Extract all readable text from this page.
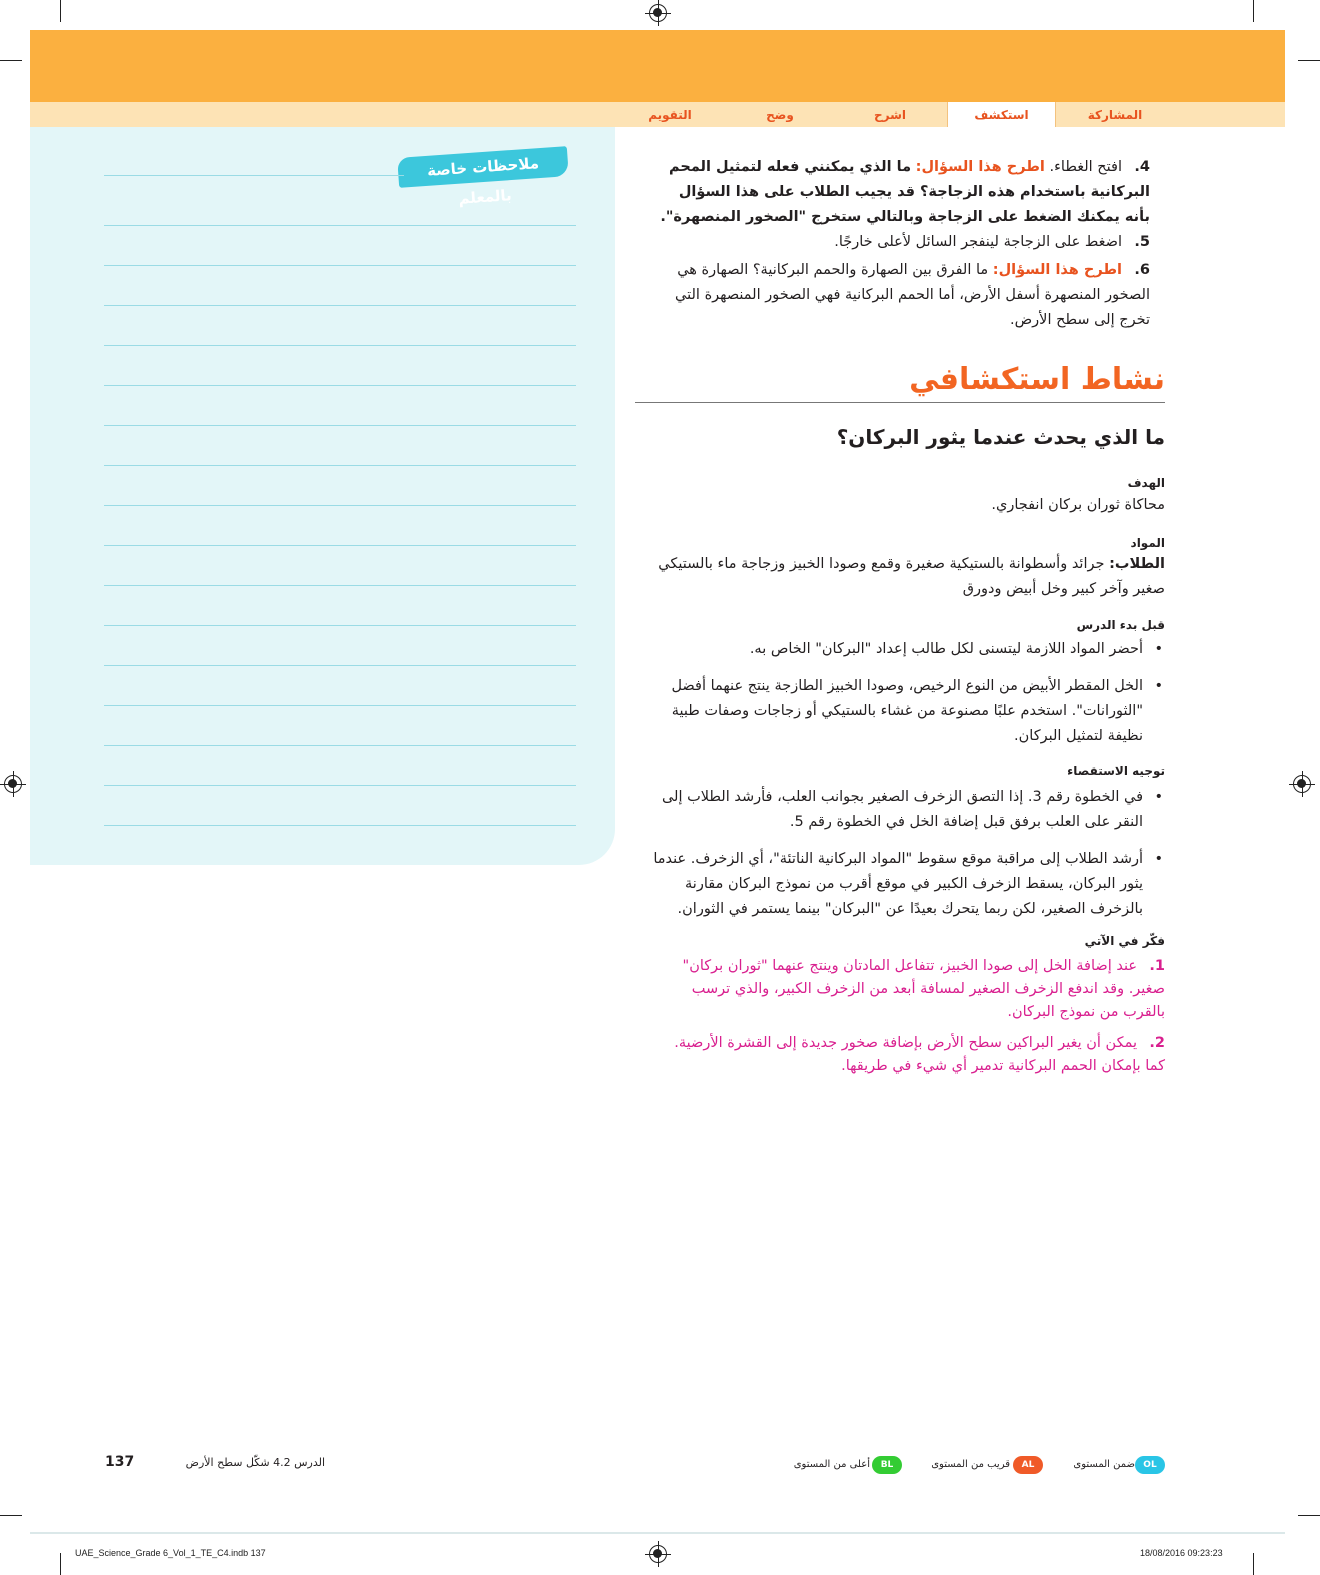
المشاركة
استكشف
اشرح
وضح
التقويم
ملاحظات خاصة بالمعلم
4.افتح الغطاء. اطرح هذا السؤال: ما الذي يمكنني فعله لتمثيل المحم البركانية باستخدام هذه الزجاجة؟ قد يجيب الطلاب على هذا السؤال بأنه يمكنك الضغط على الزجاجة وبالتالي ستخرج "الصخور المنصهرة".
5.اضغط على الزجاجة لينفجر السائل لأعلى خارجًا.
6.اطرح هذا السؤال: ما الفرق بين الصهارة والحمم البركانية؟ الصهارة هي الصخور المنصهرة أسفل الأرض، أما الحمم البركانية فهي الصخور المنصهرة التي تخرج إلى سطح الأرض.
نشاط استكشافي
ما الذي يحدث عندما يثور البركان؟
الهدف
محاكاة ثوران بركان انفجاري.
المواد
الطلاب: جرائد وأسطوانة بالستيكية صغيرة وقمع وصودا الخبيز وزجاجة ماء بالستيكي صغير وآخر كبير وخل أبيض ودورق
قبل بدء الدرس
• أحضر المواد اللازمة ليتسنى لكل طالب إعداد "البركان" الخاص به.
• الخل المقطر الأبيض من النوع الرخيص، وصودا الخبيز الطازجة ينتج عنهما أفضل "الثورانات". استخدم علبًا مصنوعة من غشاء بالستيكي أو زجاجات وصفات طبية نظيفة لتمثيل البركان.
توجيه الاستقصاء
• في الخطوة رقم 3. إذا التصق الزخرف الصغير بجوانب العلب، فأرشد الطلاب إلى النقر على العلب برفق قبل إضافة الخل في الخطوة رقم 5.
• أرشد الطلاب إلى مراقبة موقع سقوط "المواد البركانية الناتئة"، أي الزخرف. عندما يثور البركان، يسقط الزخرف الكبير في موقع أقرب من نموذج البركان مقارنة بالزخرف الصغير، لكن ربما يتحرك بعيدًا عن "البركان" بينما يستمر في الثوران.
فكّر في الآتي
1.عند إضافة الخل إلى صودا الخبيز، تتفاعل المادتان وينتج عنهما "ثوران بركان" صغير. وقد اندفع الزخرف الصغير لمسافة أبعد من الزخرف الكبير، والذي ترسب بالقرب من نموذج البركان.
2.يمكن أن يغير البراكين سطح الأرض بإضافة صخور جديدة إلى القشرة الأرضية. كما بإمكان الحمم البركانية تدمير أي شيء في طريقها.
137	الدرس 4.2 شكّل سطح الأرض	أعلى من المستوى	BL	قريب من المستوى	AL	ضمن المستوى OL
UAE_Science_Grade 6_Vol_1_TE_C4.indb 137	18/08/2016 09:23:23
